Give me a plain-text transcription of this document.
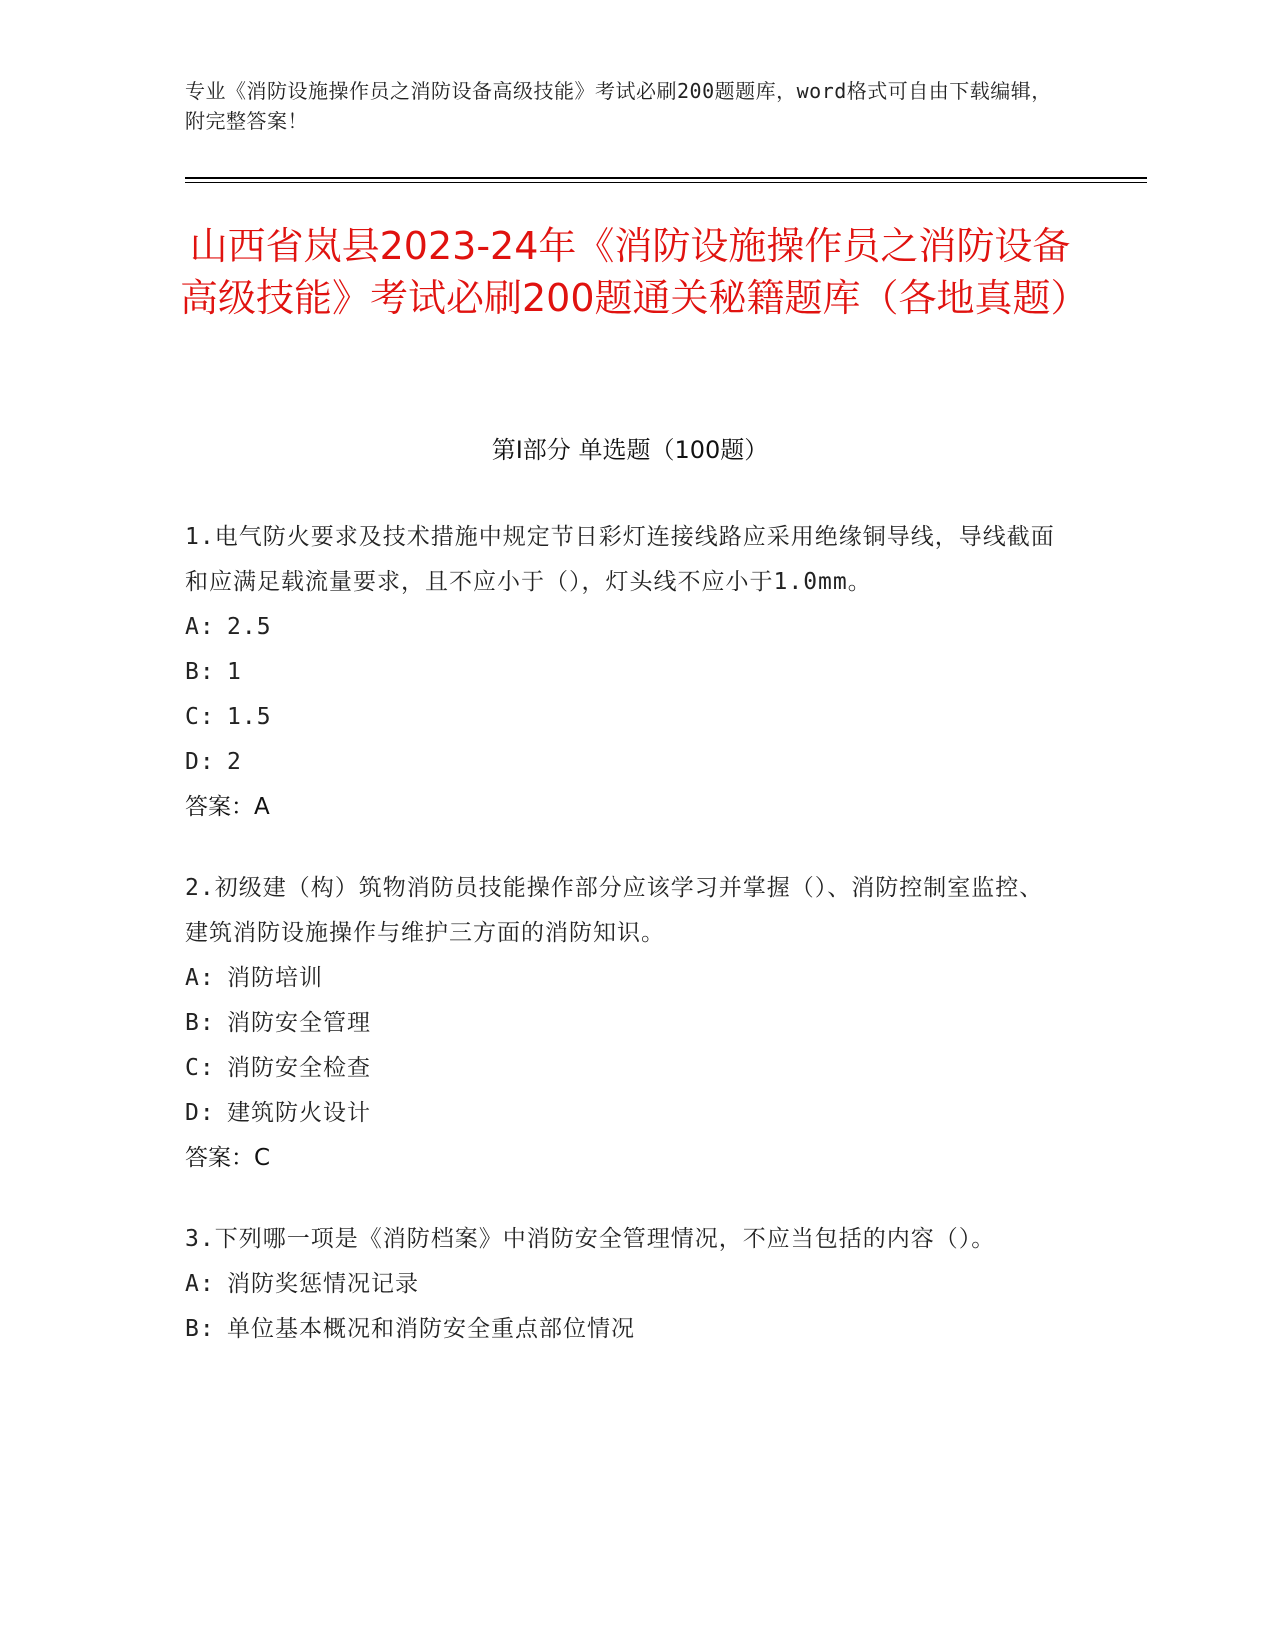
专业《消防设施操作员之消防设备高级技能》考试必刷200题题库，word格式可自由下载编辑，附完整答案！
山西省岚县2023-24年《消防设施操作员之消防设备高级技能》考试必刷200题通关秘籍题库（各地真题）
第Ⅰ部分 单选题（100题）
1.电气防火要求及技术措施中规定节日彩灯连接线路应采用绝缘铜导线，导线截面和应满足载流量要求，且不应小于（），灯头线不应小于1.0mm。
A: 2.5
B: 1
C: 1.5
D: 2
答案：A
2.初级建（构）筑物消防员技能操作部分应该学习并掌握（）、消防控制室监控、建筑消防设施操作与维护三方面的消防知识。
A: 消防培训
B: 消防安全管理
C: 消防安全检查
D: 建筑防火设计
答案：C
3.下列哪一项是《消防档案》中消防安全管理情况，不应当包括的内容（）。
A: 消防奖惩情况记录
B: 单位基本概况和消防安全重点部位情况
